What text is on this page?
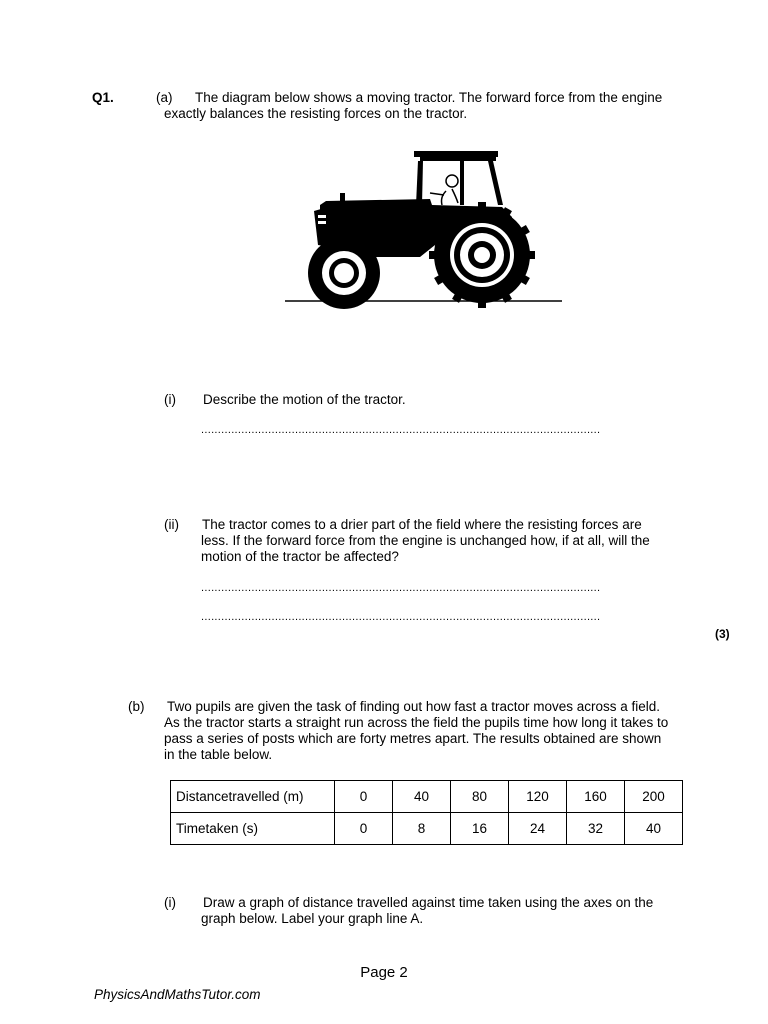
Q1.	(a) The diagram below shows a moving tractor. The forward force from the engine
exactly balances the resisting forces on the tractor.
(i) Describe the motion of the tractor.
.......................................................................................................................
(ii) The tractor comes to a drier part of the field where the resisting forces are
less. If the forward force from the engine is unchanged how, if at all, will the
motion of the tractor be affected?
.......................................................................................................................
.......................................................................................................................
(3)
(b) Two pupils are given the task of finding out how fast a tractor moves across a field.
As the tractor starts a straight run across the field the pupils time how long it takes to
pass a series of posts which are forty metres apart. The results obtained are shown
in the table below.
Distancetravelled (m)	0	40	80	120	160	200
Timetaken (s)	0	8	16	24	32	40
(i) Draw a graph of distance travelled against time taken using the axes on the
graph below. Label your graph line A.
Page 2
PhysicsAndMathsTutor.com
